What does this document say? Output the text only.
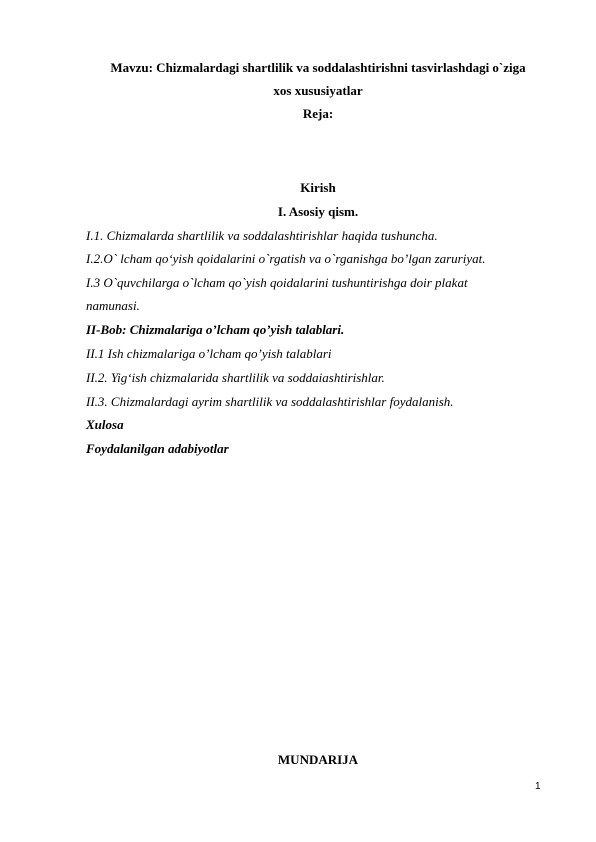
Mavzu: Chizmalardagi shartlilik va soddalashtirishni tasvirlashdagi o`ziga
xos xususiyatlar
Reja:
Kirish
I. Asosiy qism.
I.1. Chizmalarda shartlilik va soddalashtirishlar haqida tushuncha.
I.2.O` lcham qo‘yish qoidalarini o`rgatish va o`rganishga bo’lgan zaruriyat.
I.3 O`quvchilarga o`lcham qo`yish qoidalarini tushuntirishga doir plakat
namunasi.
II-Bob: Chizmalariga o’lcham qo’yish talablari.
II.1 Ish chizmalariga o’lcham qo’yish talablari
II.2. Yig‘ish chizmalarida shartlilik va soddaiashtirishlar.
II.3. Chizmalardagi ayrim shartlilik va soddalashtirishlar foydalanish.
Xulosa
Foydalanilgan adabiyotlar
MUNDARIJA
1
